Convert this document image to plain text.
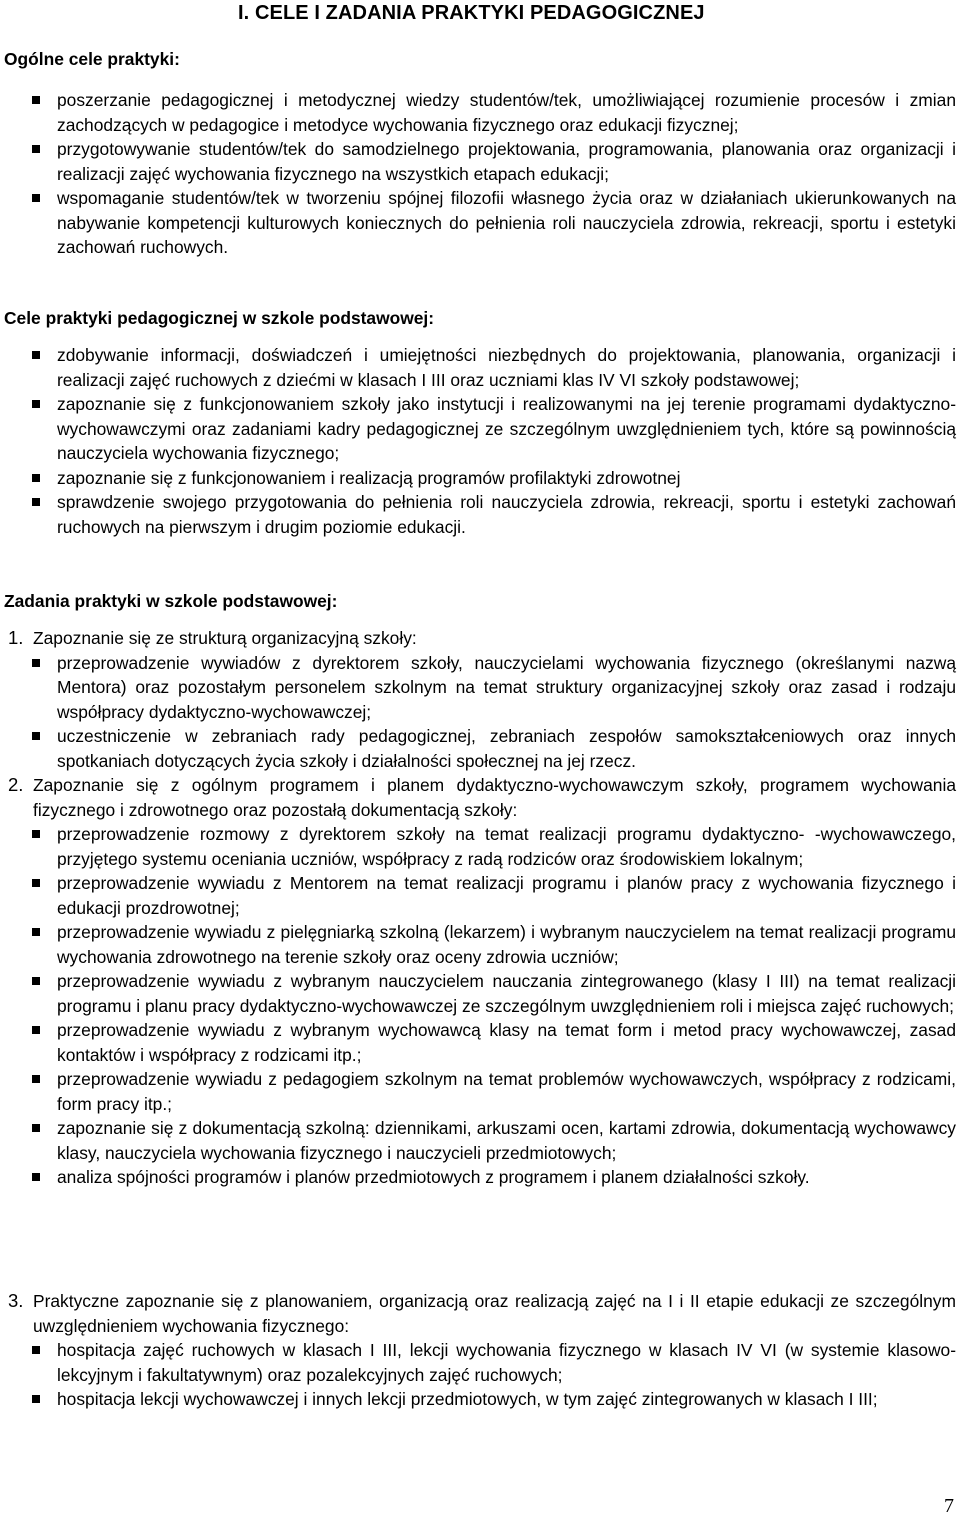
I. CELE I ZADANIA PRAKTYKI PEDAGOGICZNEJ
Ogólne cele praktyki:
poszerzanie pedagogicznej i metodycznej wiedzy studentów/tek, umożliwiającej rozumienie procesów i zmian zachodzących w pedagogice i metodyce wychowania fizycznego oraz edukacji fizycznej;
przygotowywanie studentów/tek do samodzielnego projektowania, programowania, planowania oraz organizacji i realizacji zajęć wychowania fizycznego na wszystkich etapach edukacji;
wspomaganie studentów/tek w tworzeniu spójnej filozofii własnego życia oraz w działaniach ukierunkowanych na nabywanie kompetencji kulturowych koniecznych do pełnienia roli nauczyciela zdrowia, rekreacji, sportu i estetyki zachowań ruchowych.
Cele praktyki pedagogicznej w szkole podstawowej:
zdobywanie informacji, doświadczeń i umiejętności niezbędnych do projektowania, planowania, organizacji i realizacji zajęć ruchowych z dziećmi w klasach I III oraz uczniami klas IV VI szkoły podstawowej;
zapoznanie się z funkcjonowaniem szkoły jako instytucji i realizowanymi na jej terenie programami dydaktyczno-wychowawczymi oraz zadaniami kadry pedagogicznej ze szczególnym uwzględnieniem tych, które są powinnością nauczyciela wychowania fizycznego;
zapoznanie się z funkcjonowaniem i realizacją programów profilaktyki zdrowotnej
sprawdzenie swojego przygotowania do pełnienia roli nauczyciela zdrowia, rekreacji, sportu i estetyki zachowań ruchowych na pierwszym i drugim poziomie edukacji.
Zadania praktyki w szkole podstawowej:
1. Zapoznanie się ze strukturą organizacyjną szkoły:
przeprowadzenie wywiadów z dyrektorem szkoły, nauczycielami wychowania fizycznego (określanymi nazwą Mentora) oraz pozostałym personelem szkolnym na temat struktury organizacyjnej szkoły oraz zasad i rodzaju współpracy dydaktyczno-wychowawczej;
uczestniczenie w zebraniach rady pedagogicznej, zebraniach zespołów samokształceniowych oraz innych spotkaniach dotyczących życia szkoły i działalności społecznej na jej rzecz.
2. Zapoznanie się z ogólnym programem i planem dydaktyczno-wychowawczym szkoły, programem wychowania fizycznego i zdrowotnego oraz pozostałą dokumentacją szkoły:
przeprowadzenie rozmowy z dyrektorem szkoły na temat realizacji programu dydaktyczno- -wychowawczego, przyjętego systemu oceniania uczniów, współpracy z radą rodziców oraz środowiskiem lokalnym;
przeprowadzenie wywiadu z Mentorem na temat realizacji programu i planów pracy z wychowania fizycznego i edukacji prozdrowotnej;
przeprowadzenie wywiadu z pielęgniarką szkolną (lekarzem) i wybranym nauczycielem na temat realizacji programu wychowania zdrowotnego na terenie szkoły oraz oceny zdrowia uczniów;
przeprowadzenie wywiadu z wybranym nauczycielem nauczania zintegrowanego (klasy I III) na temat realizacji programu i planu pracy dydaktyczno-wychowawczej ze szczególnym uwzględnieniem roli i miejsca zajęć ruchowych;
przeprowadzenie wywiadu z wybranym wychowawcą klasy na temat form i metod pracy wychowawczej, zasad kontaktów i współpracy z rodzicami itp.;
przeprowadzenie wywiadu z pedagogiem szkolnym na temat problemów wychowawczych, współpracy z rodzicami, form pracy itp.;
zapoznanie się z dokumentacją szkolną: dziennikami, arkuszami ocen, kartami zdrowia, dokumentacją wychowawcy klasy, nauczyciela wychowania fizycznego i nauczycieli przedmiotowych;
analiza spójności programów i planów przedmiotowych z programem i planem działalności szkoły.
3. Praktyczne zapoznanie się z planowaniem, organizacją oraz realizacją zajęć na I i II etapie edukacji ze szczególnym uwzględnieniem wychowania fizycznego:
hospitacja zajęć ruchowych w klasach I III, lekcji wychowania fizycznego w klasach IV VI (w systemie klasowo-lekcyjnym i fakultatywnym) oraz pozalekcyjnych zajęć ruchowych;
hospitacja lekcji wychowawczej i innych lekcji przedmiotowych, w tym zajęć zintegrowanych w klasach I III;
7
